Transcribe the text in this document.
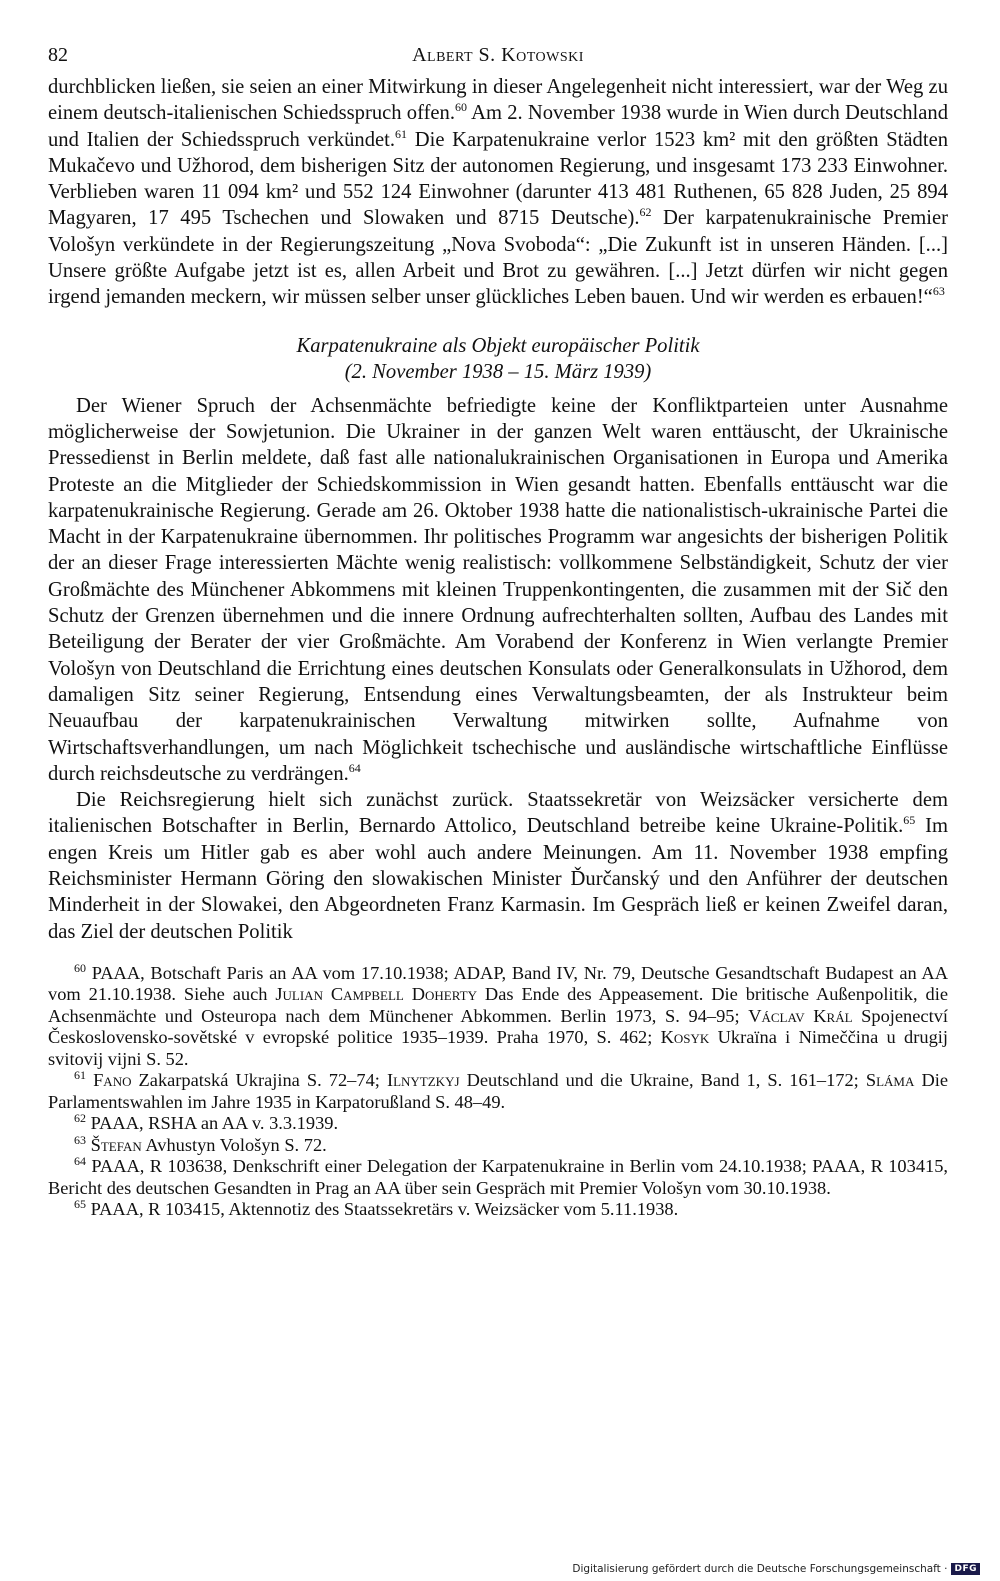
82	Albert S. Kotowski

durchblicken ließen, sie seien an einer Mitwirkung in dieser Angelegenheit nicht interessiert, war der Weg zu einem deutsch-italienischen Schiedsspruch offen.$^{60}$ Am 2. November 1938 wurde in Wien durch Deutschland und Italien der Schiedsspruch verkündet.$^{61}$ Die Karpatenukraine verlor 1523 km² mit den größten Städten Mukačevo und Užhorod, dem bisherigen Sitz der autonomen Regierung, und insgesamt 173 233 Einwohner. Verblieben waren 11 094 km² und 552 124 Einwohner (darunter 413 481 Ruthenen, 65 828 Juden, 25 894 Magyaren, 17 495 Tschechen und Slowaken und 8715 Deutsche).$^{62}$ Der karpatenukrainische Premier Vološyn verkündete in der Regierungszeitung „Nova Svoboda“: „Die Zukunft ist in unseren Händen. [...] Unsere größte Aufgabe jetzt ist es, allen Arbeit und Brot zu gewähren. [...] Jetzt dürfen wir nicht gegen irgend jemanden meckern, wir müssen selber unser glückliches Leben bauen. Und wir werden es erbauen!“$^{63}$

Karpatenukraine als Objekt europäischer Politik
(2. November 1938 – 15. März 1939)

Der Wiener Spruch der Achsenmächte befriedigte keine der Konfliktparteien unter Ausnahme möglicherweise der Sowjetunion. Die Ukrainer in der ganzen Welt waren enttäuscht, der Ukrainische Pressedienst in Berlin meldete, daß fast alle nationalukrainischen Organisationen in Europa und Amerika Proteste an die Mitglieder der Schiedskommission in Wien gesandt hatten. Ebenfalls enttäuscht war die karpatenukrainische Regierung. Gerade am 26. Oktober 1938 hatte die nationalistisch-ukrainische Partei die Macht in der Karpatenukraine übernommen. Ihr politisches Programm war angesichts der bisherigen Politik der an dieser Frage interessierten Mächte wenig realistisch: vollkommene Selbständigkeit, Schutz der vier Großmächte des Münchener Abkommens mit kleinen Truppenkontingenten, die zusammen mit der Sič den Schutz der Grenzen übernehmen und die innere Ordnung aufrechterhalten sollten, Aufbau des Landes mit Beteiligung der Berater der vier Großmächte. Am Vorabend der Konferenz in Wien verlangte Premier Vološyn von Deutschland die Errichtung eines deutschen Konsulats oder Generalkonsulats in Užhorod, dem damaligen Sitz seiner Regierung, Entsendung eines Verwaltungsbeamten, der als Instrukteur beim Neuaufbau der karpatenukrainischen Verwaltung mitwirken sollte, Aufnahme von Wirtschaftsverhandlungen, um nach Möglichkeit tschechische und ausländische wirtschaftliche Einflüsse durch reichsdeutsche zu verdrängen.$^{64}$

Die Reichsregierung hielt sich zunächst zurück. Staatssekretär von Weizsäcker versicherte dem italienischen Botschafter in Berlin, Bernardo Attolico, Deutschland betreibe keine Ukraine-Politik.$^{65}$ Im engen Kreis um Hitler gab es aber wohl auch andere Meinungen. Am 11. November 1938 empfing Reichsminister Hermann Göring den slowakischen Minister Ďurčanský und den Anführer der deutschen Minderheit in der Slowakei, den Abgeordneten Franz Karmasin. Im Gespräch ließ er keinen Zweifel daran, das Ziel der deutschen Politik

$^{60}$ PAAA, Botschaft Paris an AA vom 17.10.1938; ADAP, Band IV, Nr. 79, Deutsche Gesandtschaft Budapest an AA vom 21.10.1938. Siehe auch Julian Campbell Doherty Das Ende des Appeasement. Die britische Außenpolitik, die Achsenmächte und Osteuropa nach dem Münchener Abkommen. Berlin 1973, S. 94–95; Václav Král Spojenectví Československo-sovětské v evropské politice 1935–1939. Praha 1970, S. 462; Kosyk Ukraïna i Nimeččina u drugij svitovij vijni S. 52.

$^{61}$ Fano Zakarpatská Ukrajina S. 72–74; Ilnytzkyj Deutschland und die Ukraine, Band 1, S. 161–172; Sláma Die Parlamentswahlen im Jahre 1935 in Karpatorußland S. 48–49.

$^{62}$ PAAA, RSHA an AA v. 3.3.1939.

$^{63}$ Štefan Avhustyn Vološyn S. 72.

$^{64}$ PAAA, R 103638, Denkschrift einer Delegation der Karpatenukraine in Berlin vom 24.10.1938; PAAA, R 103415, Bericht des deutschen Gesandten in Prag an AA über sein Gespräch mit Premier Vološyn vom 30.10.1938.

$^{65}$ PAAA, R 103415, Aktennotiz des Staatssekretärs v. Weizsäcker vom 5.11.1938.

Digitalisierung gefördert durch die Deutsche Forschungsgemeinschaft · DFG
